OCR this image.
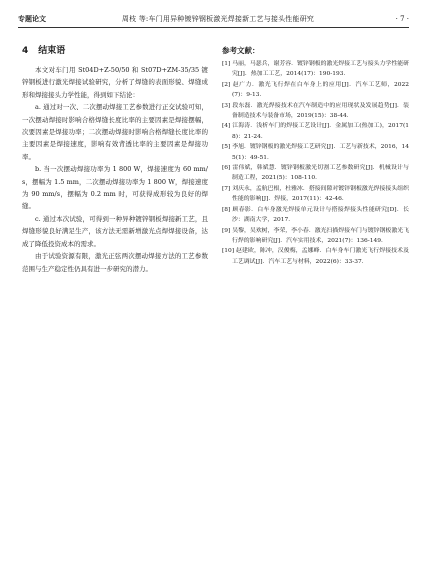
专题论文	周枝 等:车门用异种镀锌钢板激光焊接新工艺与接头性能研究	· 7 ·
4 结束语

本文对车门用 St04D+Z-50/50 和 St07D+ZM-35/35 镀锌钢板进行激光焊接试验研究，分析了焊缝的表面形貌、焊缝成形和焊接接头力学性能，得到如下结论：

a. 通过对一次、二次摆动焊接工艺参数进行正交试验可知，一次摆动焊接时影响合格焊缝长度比率的主要因素是焊接摆幅，次要因素是焊接功率；二次摆动焊接时影响合格焊缝长度比率的主要因素是焊接速度，影响有效背透比率的主要因素是焊接功率。

b. 当一次摆动焊接功率为 1 800 W，焊接速度为 60 mm/s，摆幅为 1.5 mm，二次摆动焊接功率为 1 800 W，焊接速度为 90 mm/s，摆幅为 0.2 mm 时，可获得成形较为良好的焊缝。

c. 通过本次试验，可得到一种异种镀锌钢板焊接新工艺，且焊缝形貌良好满足生产，该方法无需新增激光点焊焊接设备，达成了降低投资成本的需求。

由于试验资源有限，激光正弦两次摆动焊接方法的工艺参数范围与生产稳定性仍具有进一步研究的潜力。

参考文献：
[1] 马丽，马瑟兵，谢芳容．镀锌钢板的激光焊接工艺与接头力学性能研究[J]．热加工工艺，2014(17)：190-193．
[2] 赵广力．激光飞行焊在白车身上的应用[J]．汽车工艺师，2022(7)：9-13．
[3] 段东磊．激光焊接技术在汽车制造中的应用现状及发展趋势[J]．装备制造技术与装备市场，2019(15)：38-44．
[4] 江海涛．浅析车门的焊接工艺设计[J]．金属加工(热加工)，2017(18)：21-24．
[5] 李旭．镀锌钢板的激光焊接工艺研究[J]．工艺与新技术，2016，145(1)：49-51．
[6] 雷伟斌，韩斌慧．镀锌钢板激光切割工艺参数研究[J]．机械设计与制造工程，2021(5)：108-110．
[7] 刘庆永，孟航巴根，杜雅冰．搭接间隙对镀锌钢板激光焊接接头组织性能的影响[J]．焊接，2017(11)：42-46．
[8] 顾春影．白车身激光焊接单元设计与搭接焊接头性能研究[D]．长沙：湖南大学，2017．
[9] 吴黎，吴欢树，李荣，李小春．激光扫描焊接车门与镀锌钢板激光飞行焊的影响研究[J]．汽车实用技术，2021(7)：136-149．
[10] 赵建欧，陈冲，汉俊梅，孟娜峰．白车身车门激光飞行焊接技术及工艺调试[J]．汽车工艺与材料，2022(6)：33-37．
